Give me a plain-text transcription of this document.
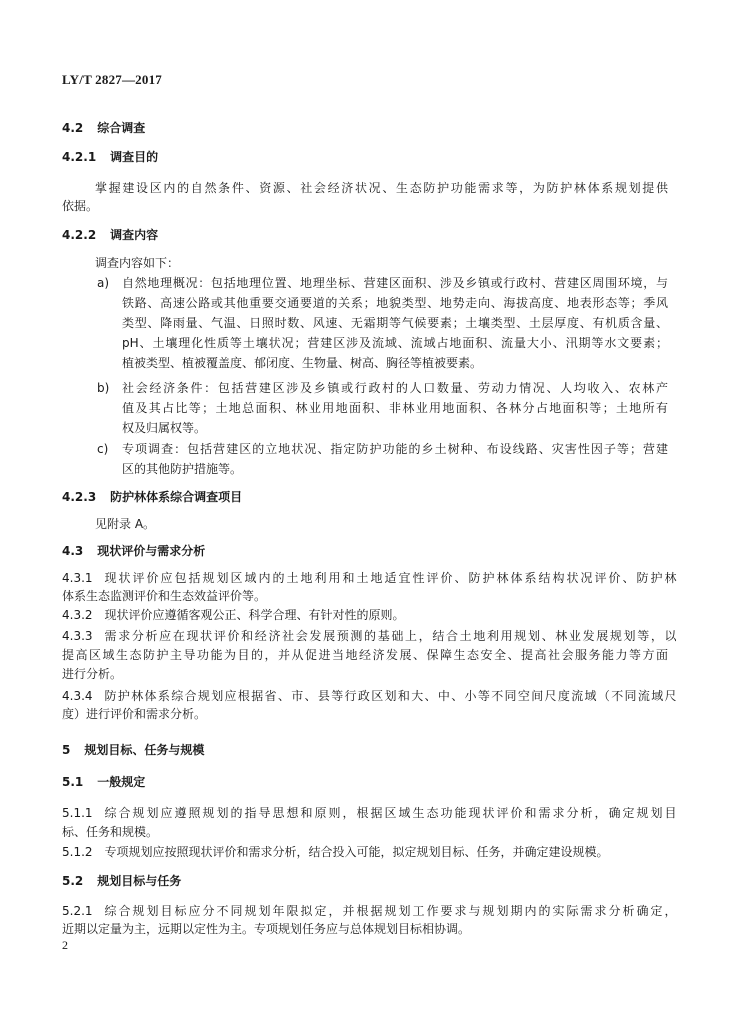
LY/T 2827—2017
4.2 综合调查
4.2.1 调查目的
掌握建设区内的自然条件、资源、社会经济状况、生态防护功能需求等，为防护林体系规划提供
依据。
4.2.2 调查内容
调查内容如下：
a) 自然地理概况：包括地理位置、地理坐标、营建区面积、涉及乡镇或行政村、营建区周围环境，与
铁路、高速公路或其他重要交通要道的关系；地貌类型、地势走向、海拔高度、地表形态等；季风
类型、降雨量、气温、日照时数、风速、无霜期等气候要素；土壤类型、土层厚度、有机质含量、
pH、土壤理化性质等土壤状况；营建区涉及流域、流域占地面积、流量大小、汛期等水文要素；
植被类型、植被覆盖度、郁闭度、生物量、树高、胸径等植被要素。
b) 社会经济条件：包括营建区涉及乡镇或行政村的人口数量、劳动力情况、人均收入、农林产
值及其占比等；土地总面积、林业用地面积、非林业用地面积、各林分占地面积等；土地所有
权及归属权等。
c) 专项调查：包括营建区的立地状况、指定防护功能的乡土树种、布设线路、灾害性因子等；营建
区的其他防护措施等。
4.2.3 防护林体系综合调查项目
见附录 A。
4.3 现状评价与需求分析
4.3.1 现状评价应包括规划区域内的土地利用和土地适宜性评价、防护林体系结构状况评价、防护林
体系生态监测评价和生态效益评价等。
4.3.2 现状评价应遵循客观公正、科学合理、有针对性的原则。
4.3.3 需求分析应在现状评价和经济社会发展预测的基础上，结合土地利用规划、林业发展规划等，以
提高区域生态防护主导功能为目的，并从促进当地经济发展、保障生态安全、提高社会服务能力等方面
进行分析。
4.3.4 防护林体系综合规划应根据省、市、县等行政区划和大、中、小等不同空间尺度流域（不同流域尺
度）进行评价和需求分析。
5 规划目标、任务与规模
5.1 一般规定
5.1.1 综合规划应遵照规划的指导思想和原则，根据区域生态功能现状评价和需求分析，确定规划目
标、任务和规模。
5.1.2 专项规划应按照现状评价和需求分析，结合投入可能，拟定规划目标、任务，并确定建设规模。
5.2 规划目标与任务
5.2.1 综合规划目标应分不同规划年限拟定，并根据规划工作要求与规划期内的实际需求分析确定，
近期以定量为主，远期以定性为主。专项规划任务应与总体规划目标相协调。
2
